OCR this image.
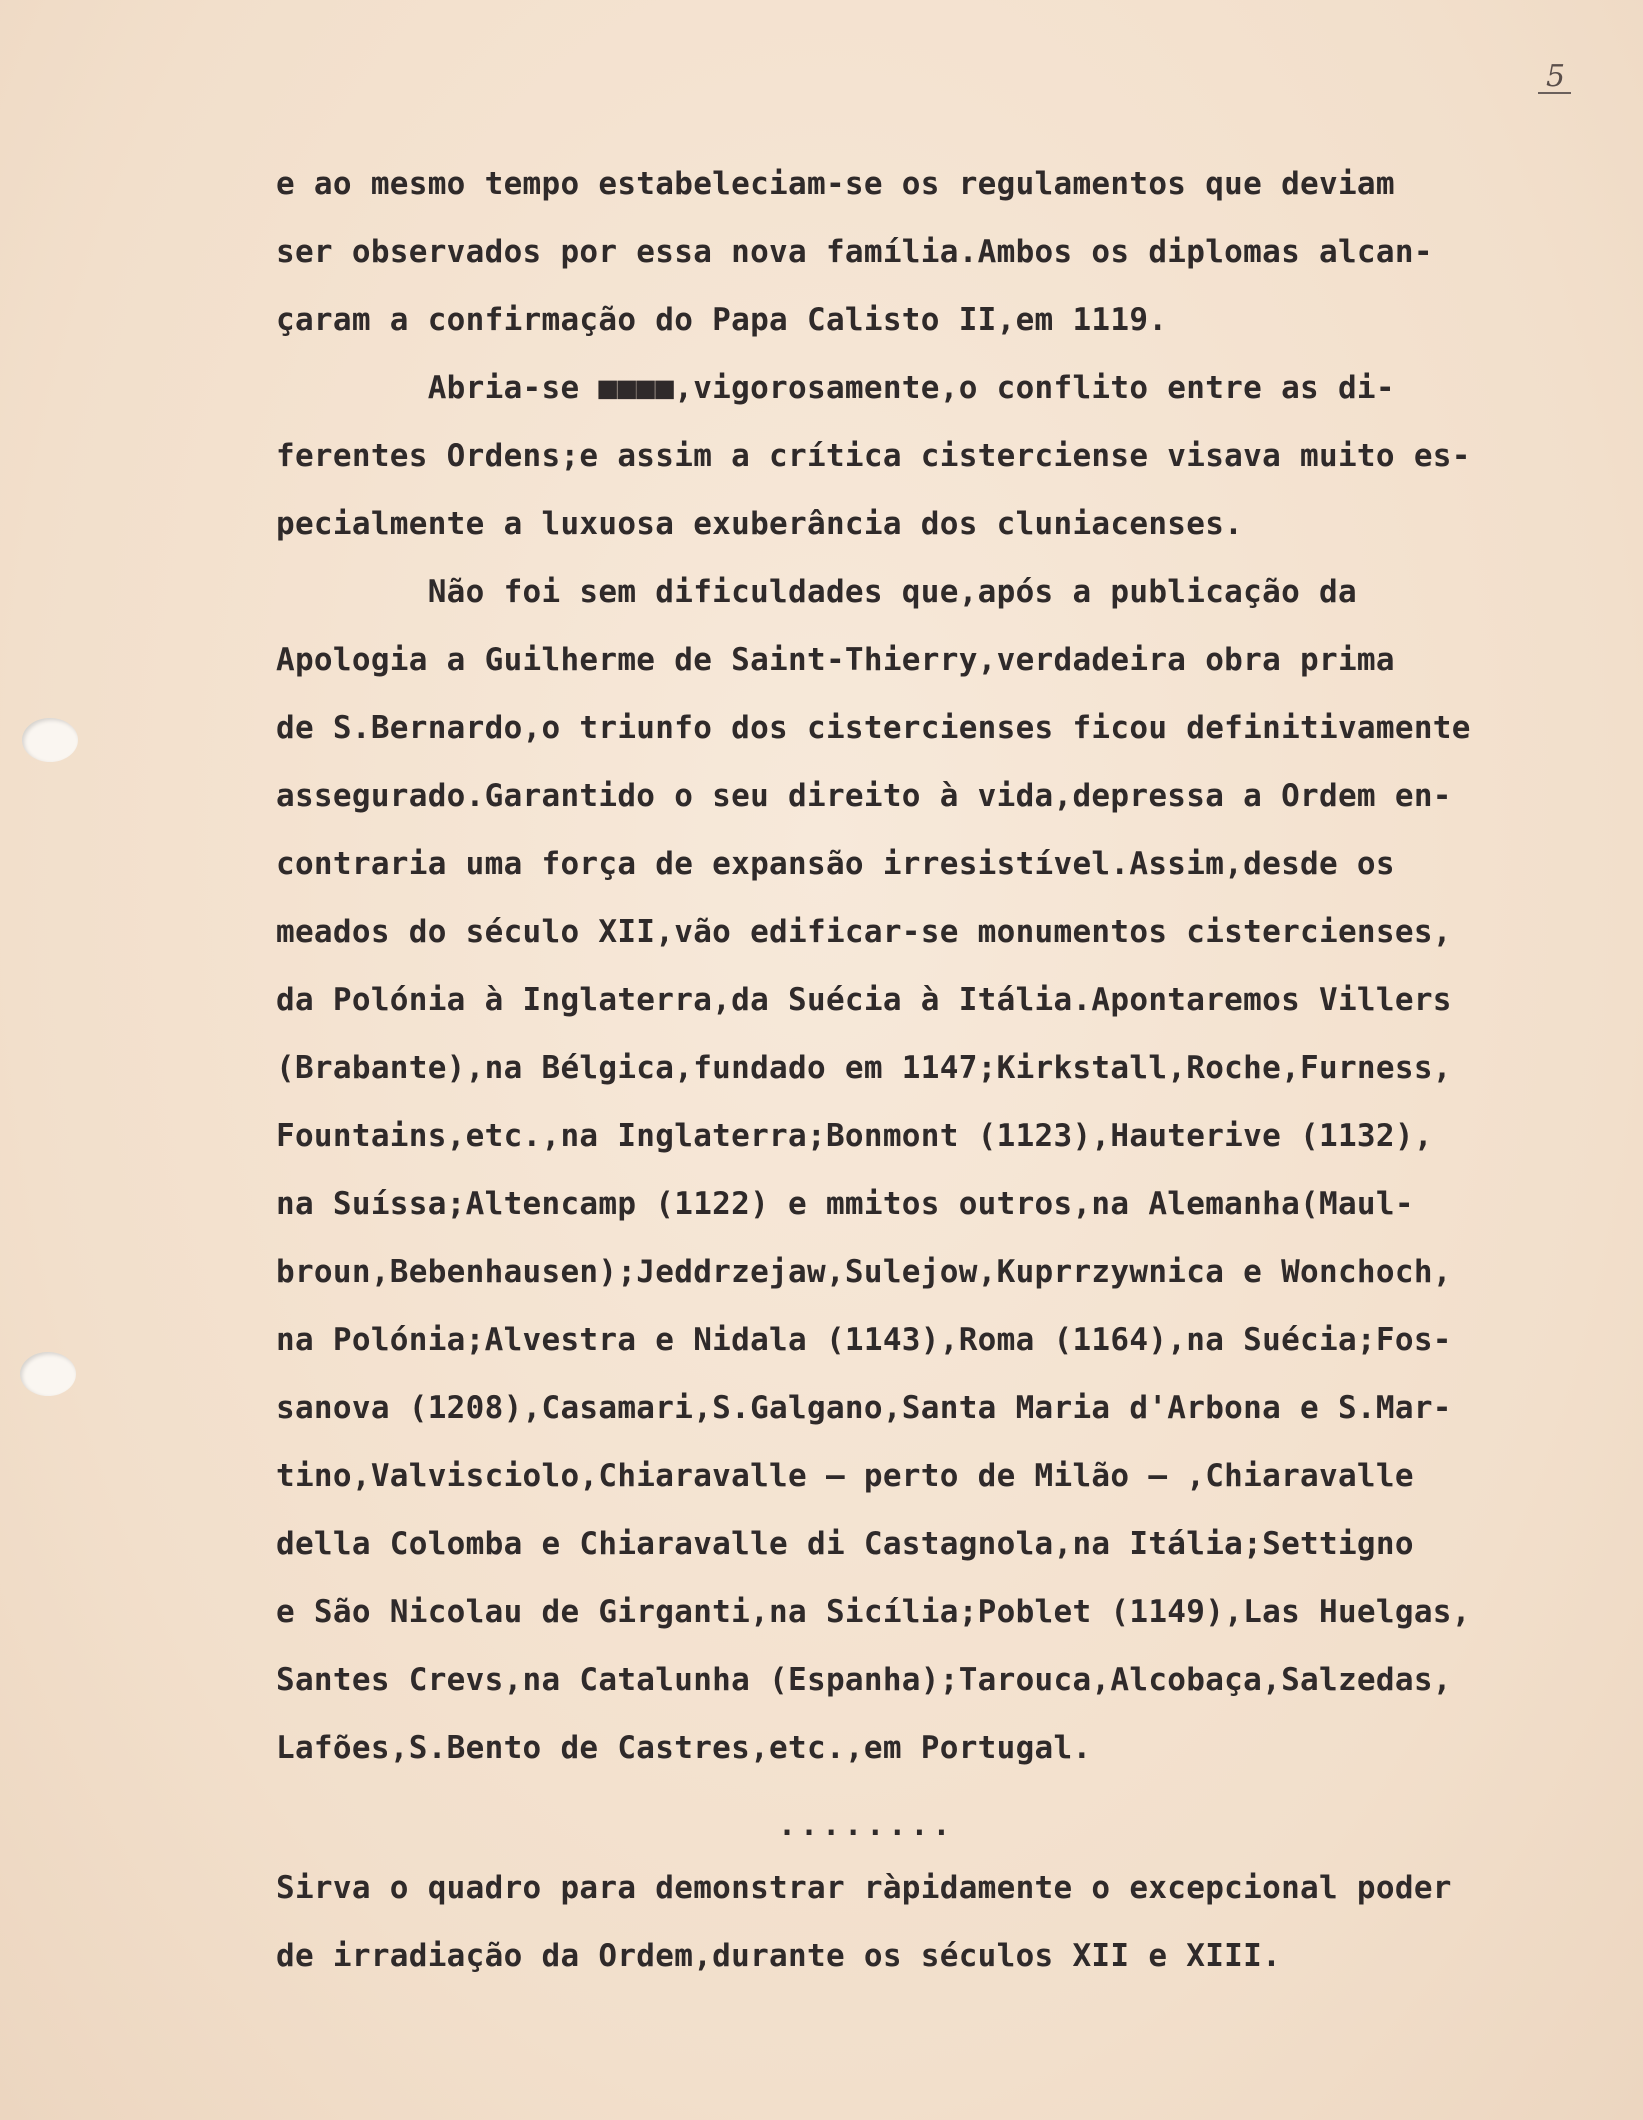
5
e ao mesmo tempo estabeleciam-se os regulamentos que deviam
ser observados por essa nova família.Ambos os diplomas alcan-
çaram a confirmação do Papa Calisto II,em 1119.
Abria-se ■■■■,vigorosamente,o conflito entre as di-
ferentes Ordens;e assim a crítica cisterciense visava muito es-
pecialmente a luxuosa exuberância dos cluniacenses.
Não foi sem dificuldades que,após a publicação da
Apologia a Guilherme de Saint-Thierry,verdadeira obra prima
de S.Bernardo,o triunfo dos cistercienses ficou definitivamente
assegurado.Garantido o seu direito à vida,depressa a Ordem en-
contraria uma força de expansão irresistível.Assim,desde os
meados do século XII,vão edificar-se monumentos cistercienses,
da Polónia à Inglaterra,da Suécia à Itália.Apontaremos Villers
(Brabante),na Bélgica,fundado em 1147;Kirkstall,Roche,Furness,
Fountains,etc.,na Inglaterra;Bonmont (1123),Hauterive (1132),
na Suíssa;Altencamp (1122) e mmitos outros,na Alemanha(Maul-
broun,Bebenhausen);Jeddrzejaw,Sulejow,Kuprrzywnica e Wonchoch,
na Polónia;Alvestra e Nidala (1143),Roma (1164),na Suécia;Fos-
sanova (1208),Casamari,S.Galgano,Santa Maria d'Arbona e S.Mar-
tino,Valvisciolo,Chiaravalle — perto de Milão — ,Chiaravalle
della Colomba e Chiaravalle di Castagnola,na Itália;Settigno
e São Nicolau de Girganti,na Sicília;Poblet (1149),Las Huelgas,
Santes Crevs,na Catalunha (Espanha);Tarouca,Alcobaça,Salzedas,
Lafões,S.Bento de Castres,etc.,em Portugal.
........
Sirva o quadro para demonstrar ràpidamente o excepcional poder
de irradiação da Ordem,durante os séculos XII e XIII.
